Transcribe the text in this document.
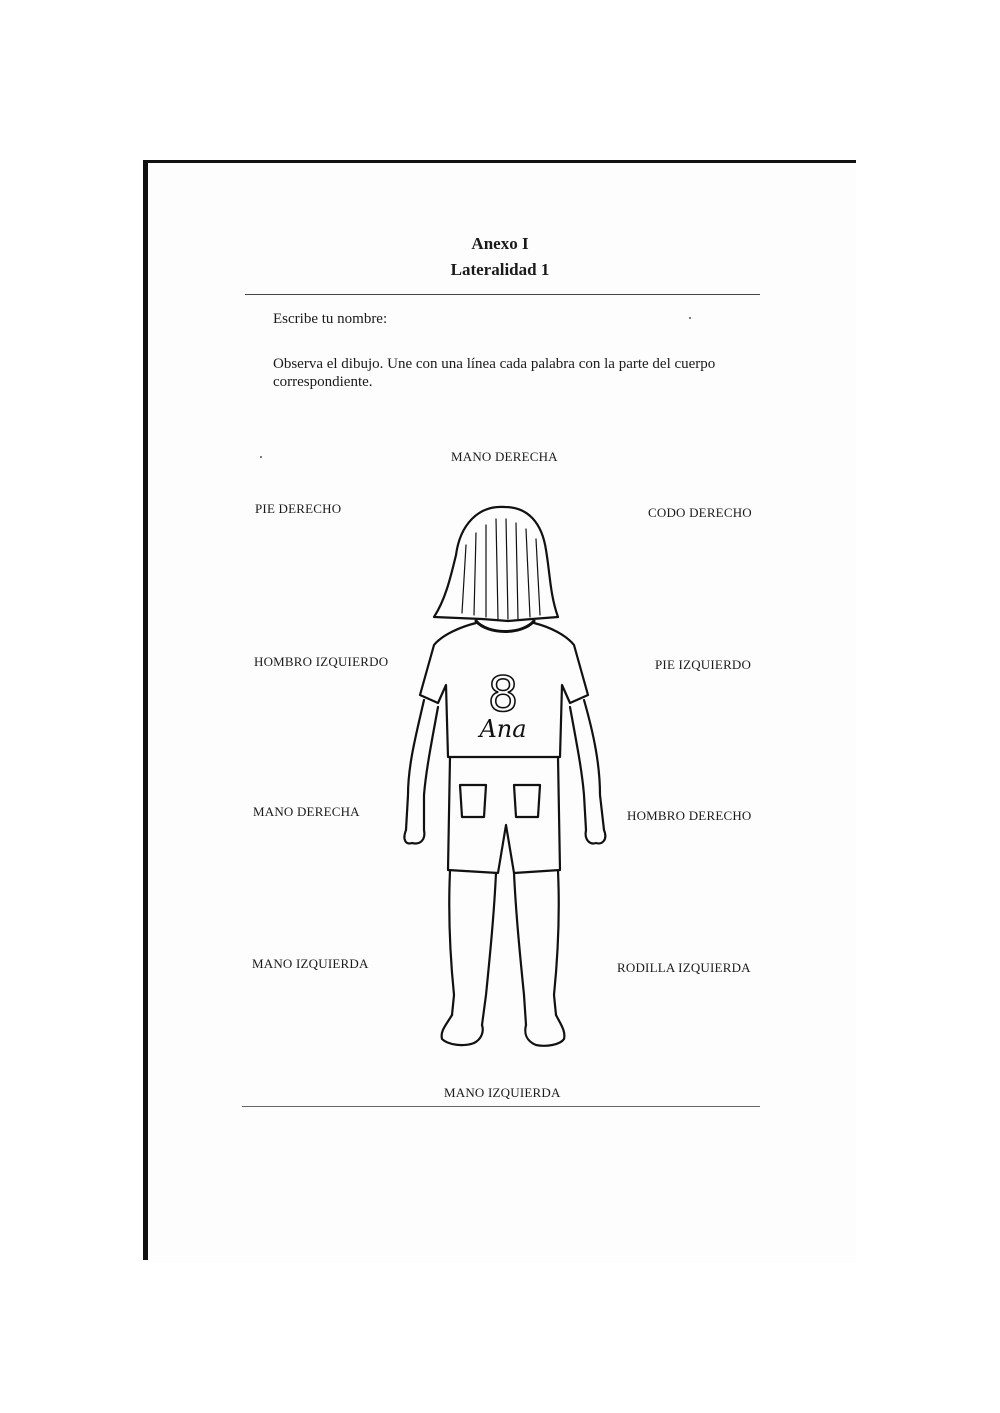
Anexo I
Lateralidad 1
Escribe tu nombre:
Observa el dibujo. Une con una línea cada palabra con la parte del cuerpo
correspondiente.
MANO DERECHA
PIE DERECHO
HOMBRO IZQUIERDO
MANO DERECHA
MANO IZQUIERDA
CODO DERECHO
PIE IZQUIERDO
HOMBRO DERECHO
RODILLA IZQUIERDA
MANO IZQUIERDA
8
Ana
